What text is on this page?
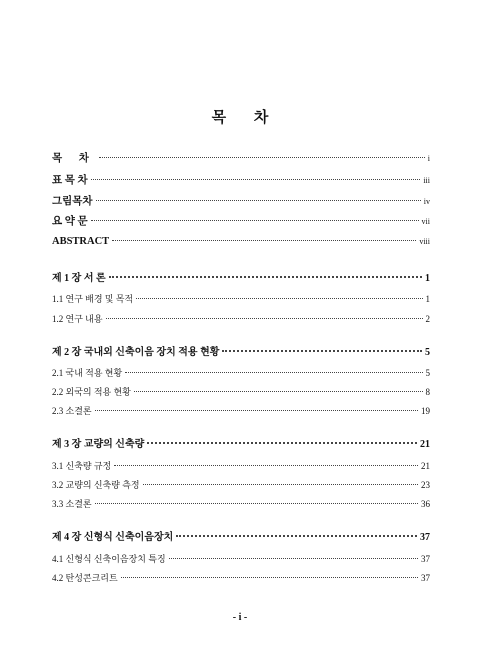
목 차
목 차	i
표 목 차	iii
그림목차	iv
요 약 문	vii
ABSTRACT	viii
제 1 장 서 론	1
1.1 연구 배경 및 목적	1
1.2 연구 내용	2
제 2 장 국내외 신축이음 장치 적용 현황	5
2.1 국내 적용 현황	5
2.2 외국의 적용 현황	8
2.3 소결론	19
제 3 장 교량의 신축량	21
3.1 신축량 규정	21
3.2 교량의 신축량 측정	23
3.3 소결론	36
제 4 장 신형식 신축이음장치	37
4.1 신형식 신축이음장치 특징	37
4.2 탄성콘크리트	37
- i -
